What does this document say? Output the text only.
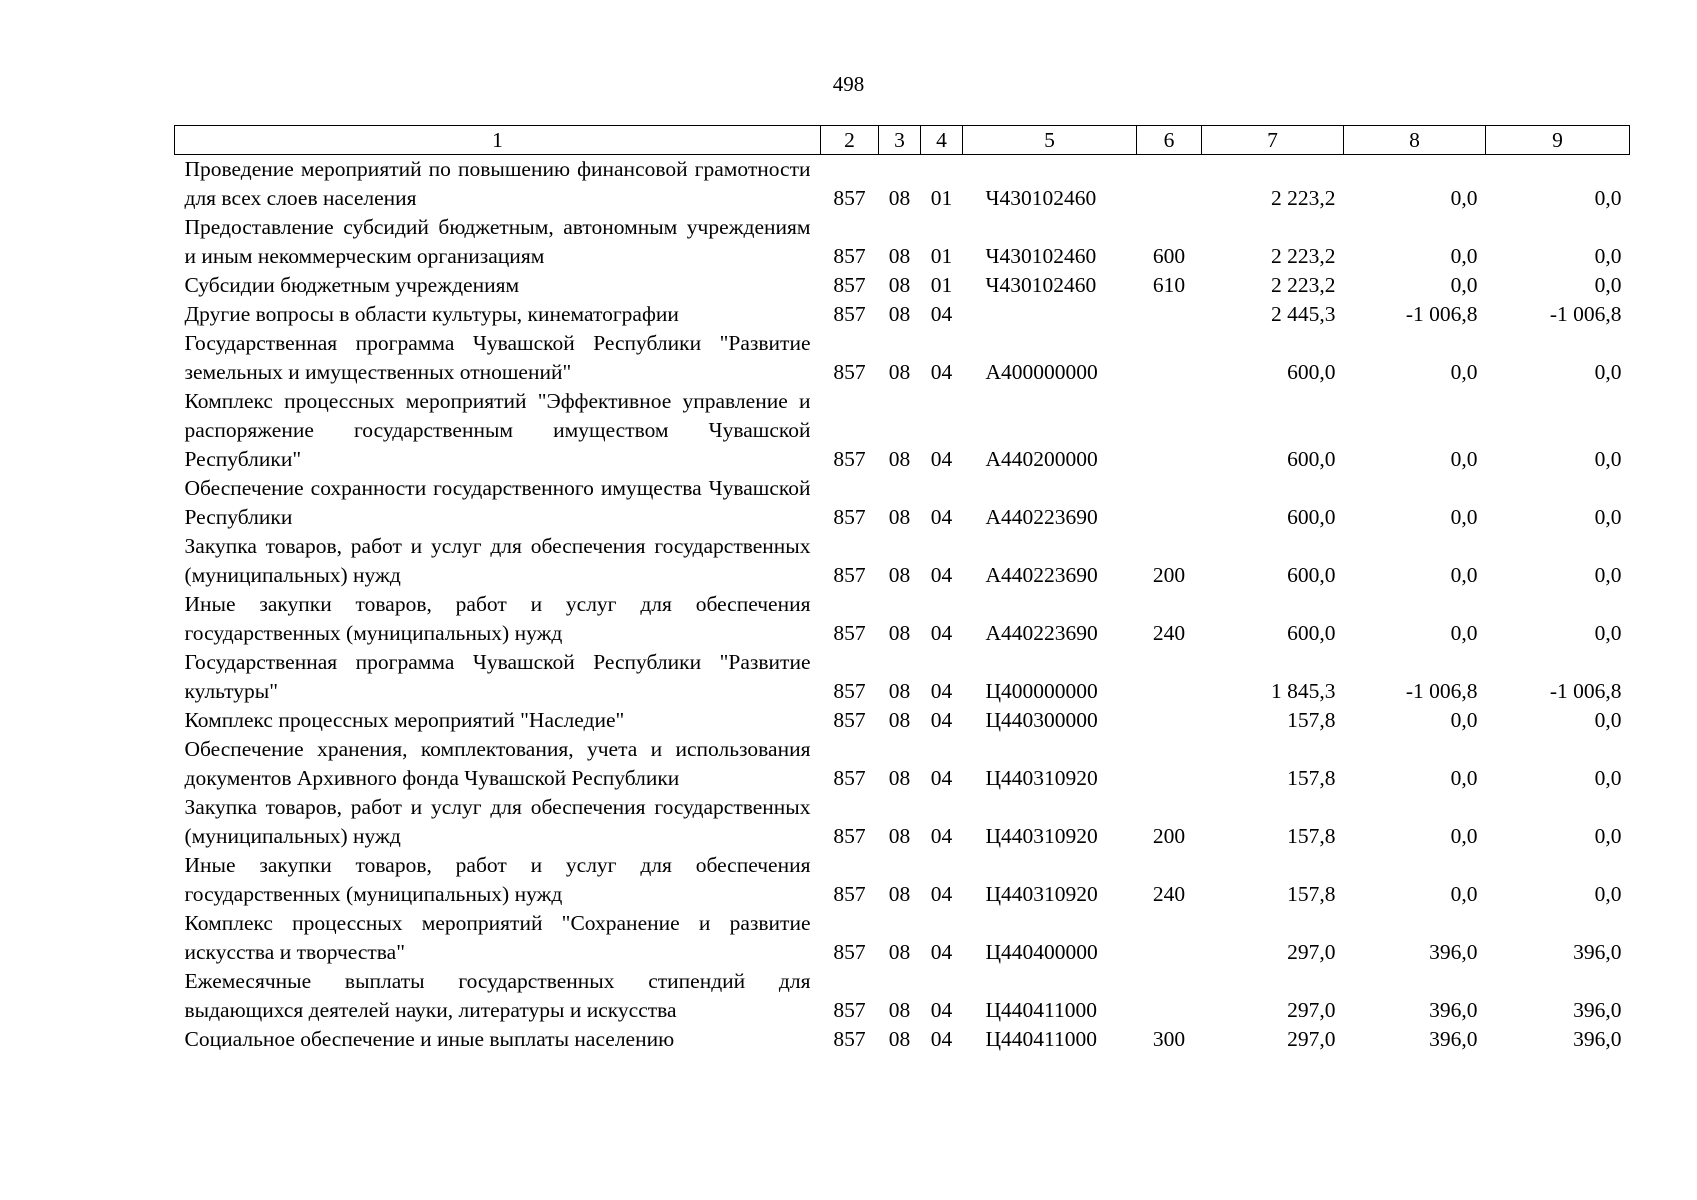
498
1	2	3	4	5	6	7	8	9
Проведение мероприятий по повышению финансовой грамотности для всех слоев населения	857	08	01	Ч430102460		2 223,2	0,0	0,0
Предоставление субсидий бюджетным, автономным учреждениям и иным некоммерческим организациям	857	08	01	Ч430102460	600	2 223,2	0,0	0,0
Субсидии бюджетным учреждениям	857	08	01	Ч430102460	610	2 223,2	0,0	0,0
Другие вопросы в области культуры, кинематографии	857	08	04			2 445,3	-1 006,8	-1 006,8
Государственная программа Чувашской Республики "Развитие земельных и имущественных отношений"	857	08	04	А400000000		600,0	0,0	0,0
Комплекс процессных мероприятий "Эффективное управление и распоряжение государственным имуществом Чувашской Республики"	857	08	04	А440200000		600,0	0,0	0,0
Обеспечение сохранности государственного имущества Чувашской Республики	857	08	04	А440223690		600,0	0,0	0,0
Закупка товаров, работ и услуг для обеспечения государственных (муниципальных) нужд	857	08	04	А440223690	200	600,0	0,0	0,0
Иные закупки товаров, работ и услуг для обеспечения государственных (муниципальных) нужд	857	08	04	А440223690	240	600,0	0,0	0,0
Государственная программа Чувашской Республики "Развитие культуры"	857	08	04	Ц400000000		1 845,3	-1 006,8	-1 006,8
Комплекс процессных мероприятий "Наследие"	857	08	04	Ц440300000		157,8	0,0	0,0
Обеспечение хранения, комплектования, учета и использования документов Архивного фонда Чувашской Республики	857	08	04	Ц440310920		157,8	0,0	0,0
Закупка товаров, работ и услуг для обеспечения государственных (муниципальных) нужд	857	08	04	Ц440310920	200	157,8	0,0	0,0
Иные закупки товаров, работ и услуг для обеспечения государственных (муниципальных) нужд	857	08	04	Ц440310920	240	157,8	0,0	0,0
Комплекс процессных мероприятий "Сохранение и развитие искусства и творчества"	857	08	04	Ц440400000		297,0	396,0	396,0
Ежемесячные выплаты государственных стипендий для выдающихся деятелей науки, литературы и искусства	857	08	04	Ц440411000		297,0	396,0	396,0
Социальное обеспечение и иные выплаты населению	857	08	04	Ц440411000	300	297,0	396,0	396,0
